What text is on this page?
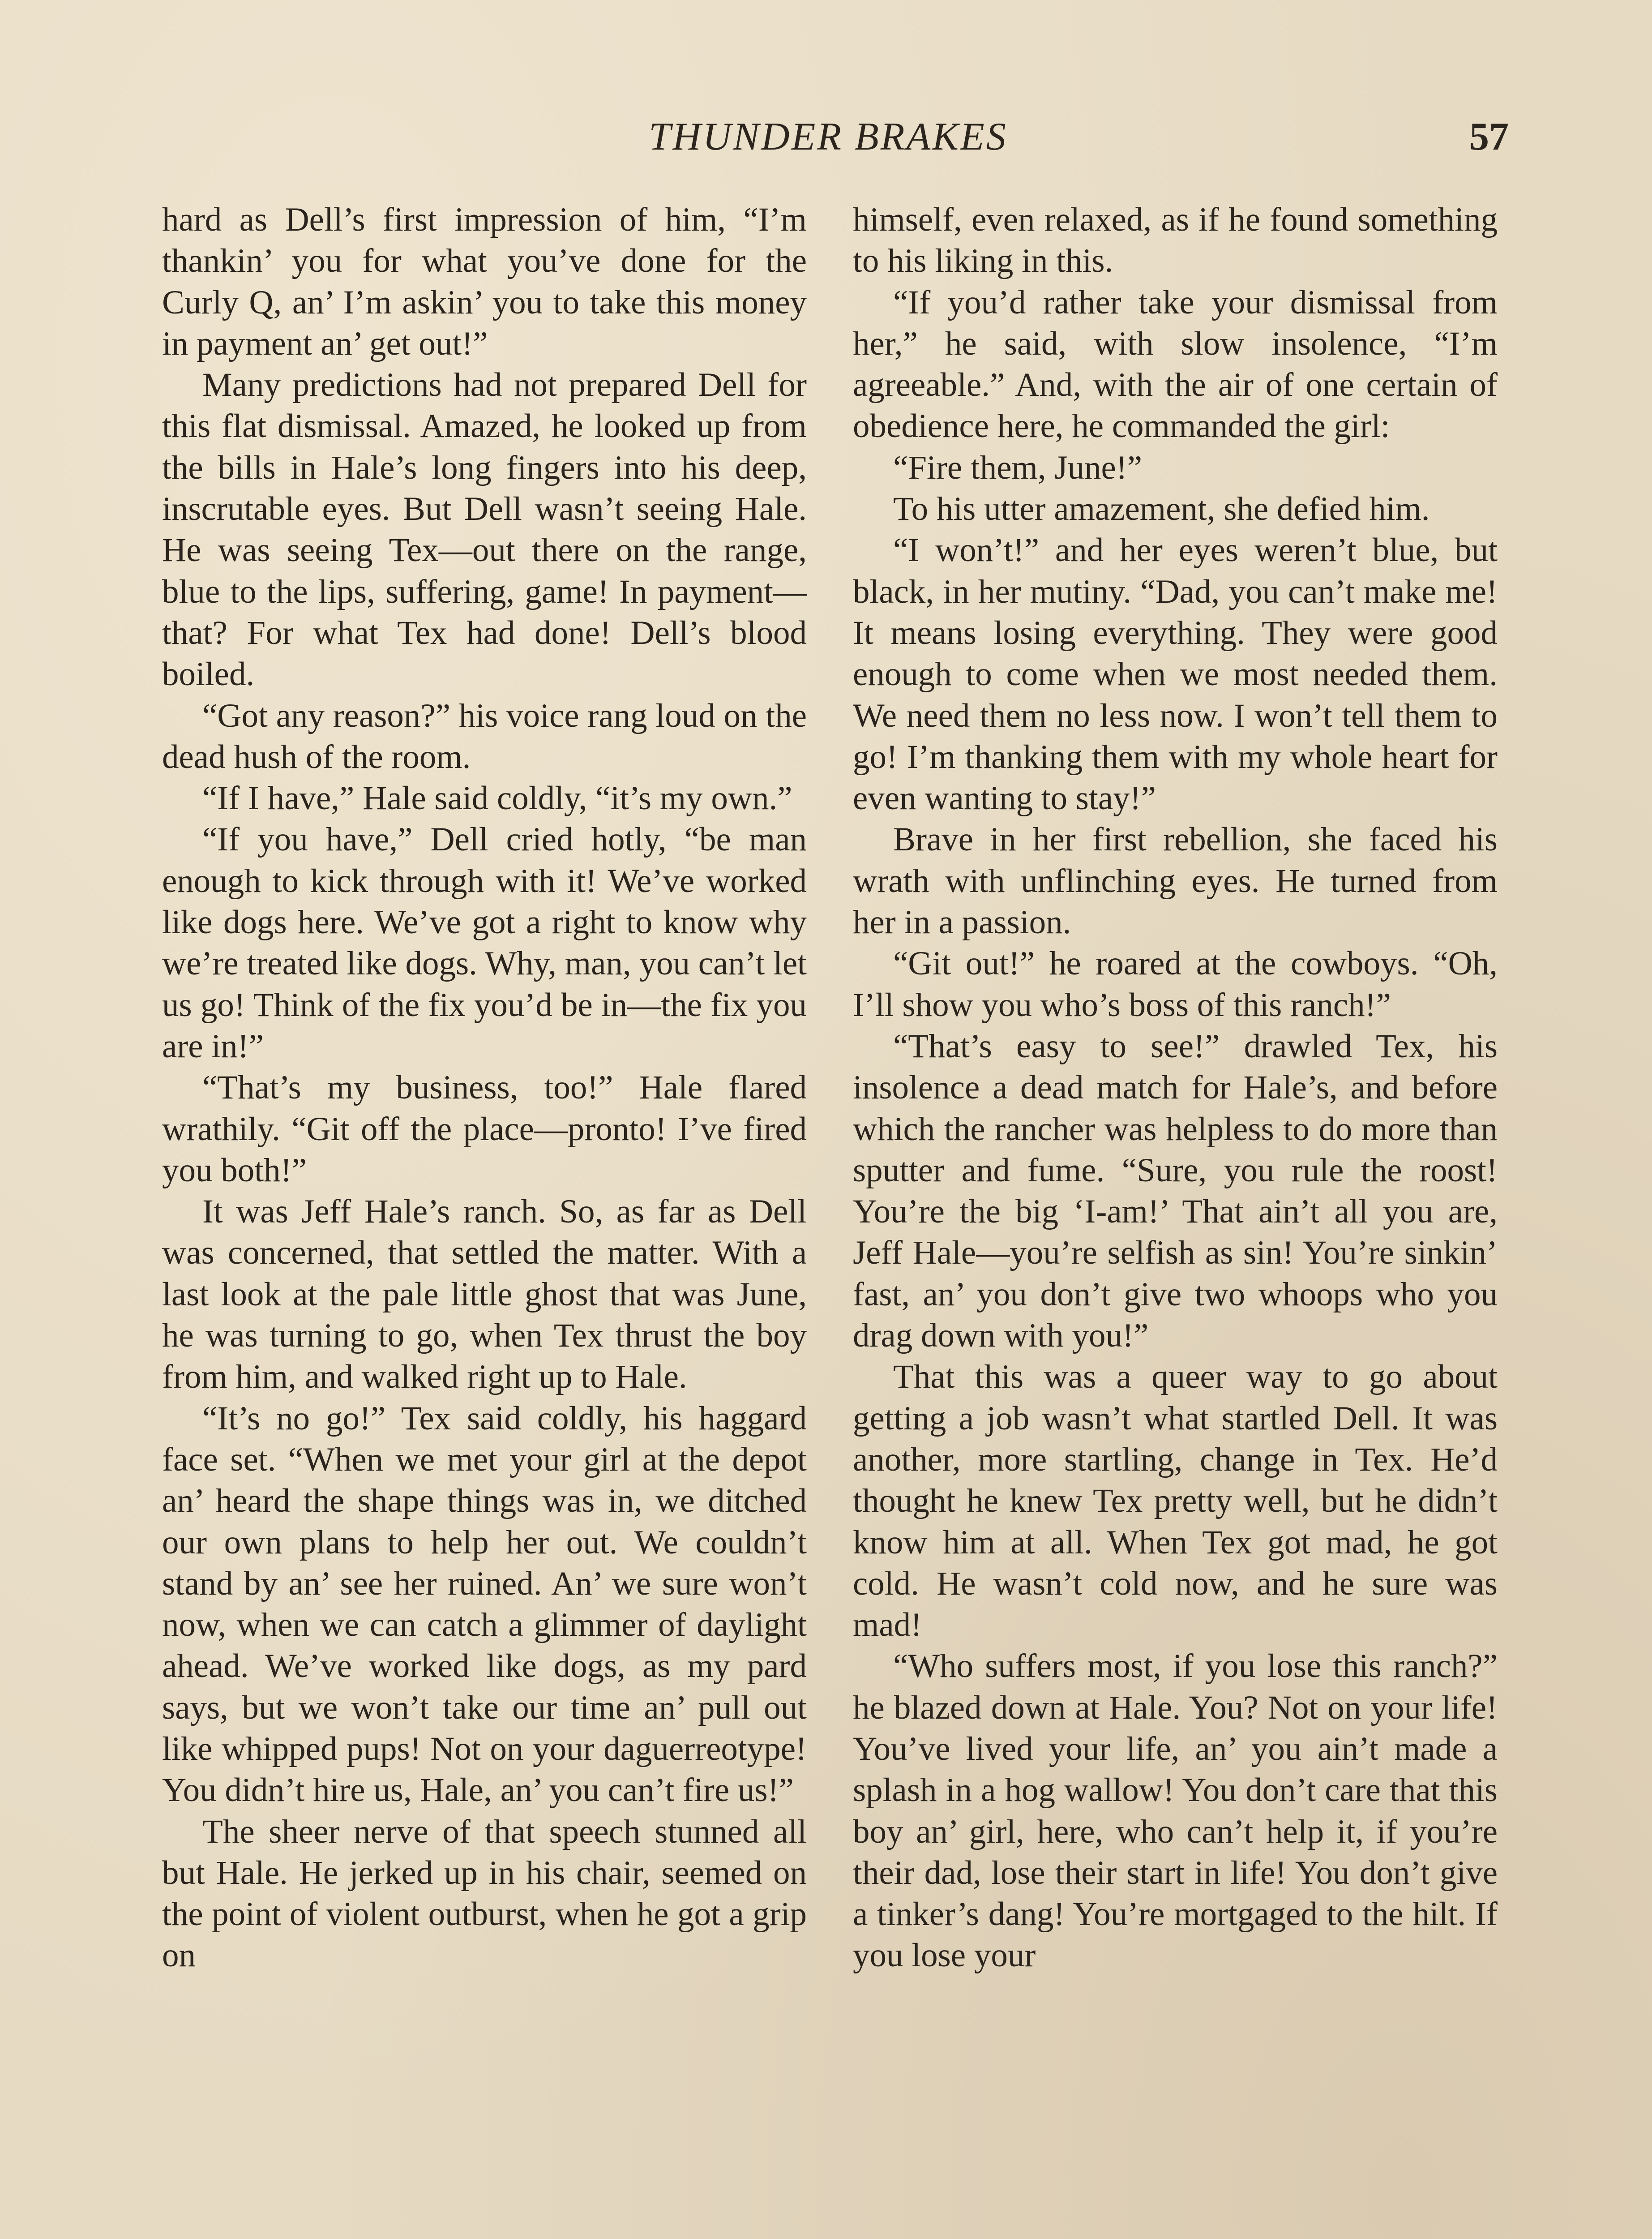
THUNDER BRAKES	57

hard as Dell’s first impression of him, “I’m thankin’ you for what you’ve done for the Curly Q, an’ I’m askin’ you to take this money in payment an’ get out!”

Many predictions had not prepared Dell for this flat dismissal. Amazed, he looked up from the bills in Hale’s long fingers into his deep, inscrutable eyes. But Dell wasn’t seeing Hale. He was seeing Tex—out there on the range, blue to the lips, suffering, game! In payment—that? For what Tex had done! Dell’s blood boiled.

“Got any reason?” his voice rang loud on the dead hush of the room.

“If I have,” Hale said coldly, “it’s my own.”

“If you have,” Dell cried hotly, “be man enough to kick through with it! We’ve worked like dogs here. We’ve got a right to know why we’re treated like dogs. Why, man, you can’t let us go! Think of the fix you’d be in—the fix you are in!”

“That’s my business, too!” Hale flared wrathily. “Git off the place—pronto! I’ve fired you both!”

It was Jeff Hale’s ranch. So, as far as Dell was concerned, that settled the matter. With a last look at the pale little ghost that was June, he was turning to go, when Tex thrust the boy from him, and walked right up to Hale.

“It’s no go!” Tex said coldly, his haggard face set. “When we met your girl at the depot an’ heard the shape things was in, we ditched our own plans to help her out. We couldn’t stand by an’ see her ruined. An’ we sure won’t now, when we can catch a glimmer of daylight ahead. We’ve worked like dogs, as my pard says, but we won’t take our time an’ pull out like whipped pups! Not on your daguerreotype! You didn’t hire us, Hale, an’ you can’t fire us!”

The sheer nerve of that speech stunned all but Hale. He jerked up in his chair, seemed on the point of violent outburst, when he got a grip on

himself, even relaxed, as if he found something to his liking in this.

“If you’d rather take your dismissal from her,” he said, with slow insolence, “I’m agreeable.” And, with the air of one certain of obedience here, he commanded the girl:

“Fire them, June!”

To his utter amazement, she defied him.

“I won’t!” and her eyes weren’t blue, but black, in her mutiny. “Dad, you can’t make me! It means losing everything. They were good enough to come when we most needed them. We need them no less now. I won’t tell them to go! I’m thanking them with my whole heart for even wanting to stay!”

Brave in her first rebellion, she faced his wrath with unflinching eyes. He turned from her in a passion.

“Git out!” he roared at the cowboys. “Oh, I’ll show you who’s boss of this ranch!”

“That’s easy to see!” drawled Tex, his insolence a dead match for Hale’s, and before which the rancher was helpless to do more than sputter and fume. “Sure, you rule the roost! You’re the big ‘I-am!’ That ain’t all you are, Jeff Hale—you’re selfish as sin! You’re sinkin’ fast, an’ you don’t give two whoops who you drag down with you!”

That this was a queer way to go about getting a job wasn’t what startled Dell. It was another, more startling, change in Tex. He’d thought he knew Tex pretty well, but he didn’t know him at all. When Tex got mad, he got cold. He wasn’t cold now, and he sure was mad!

“Who suffers most, if you lose this ranch?” he blazed down at Hale. You? Not on your life! You’ve lived your life, an’ you ain’t made a splash in a hog wallow! You don’t care that this boy an’ girl, here, who can’t help it, if you’re their dad, lose their start in life! You don’t give a tinker’s dang! You’re mortgaged to the hilt. If you lose your
